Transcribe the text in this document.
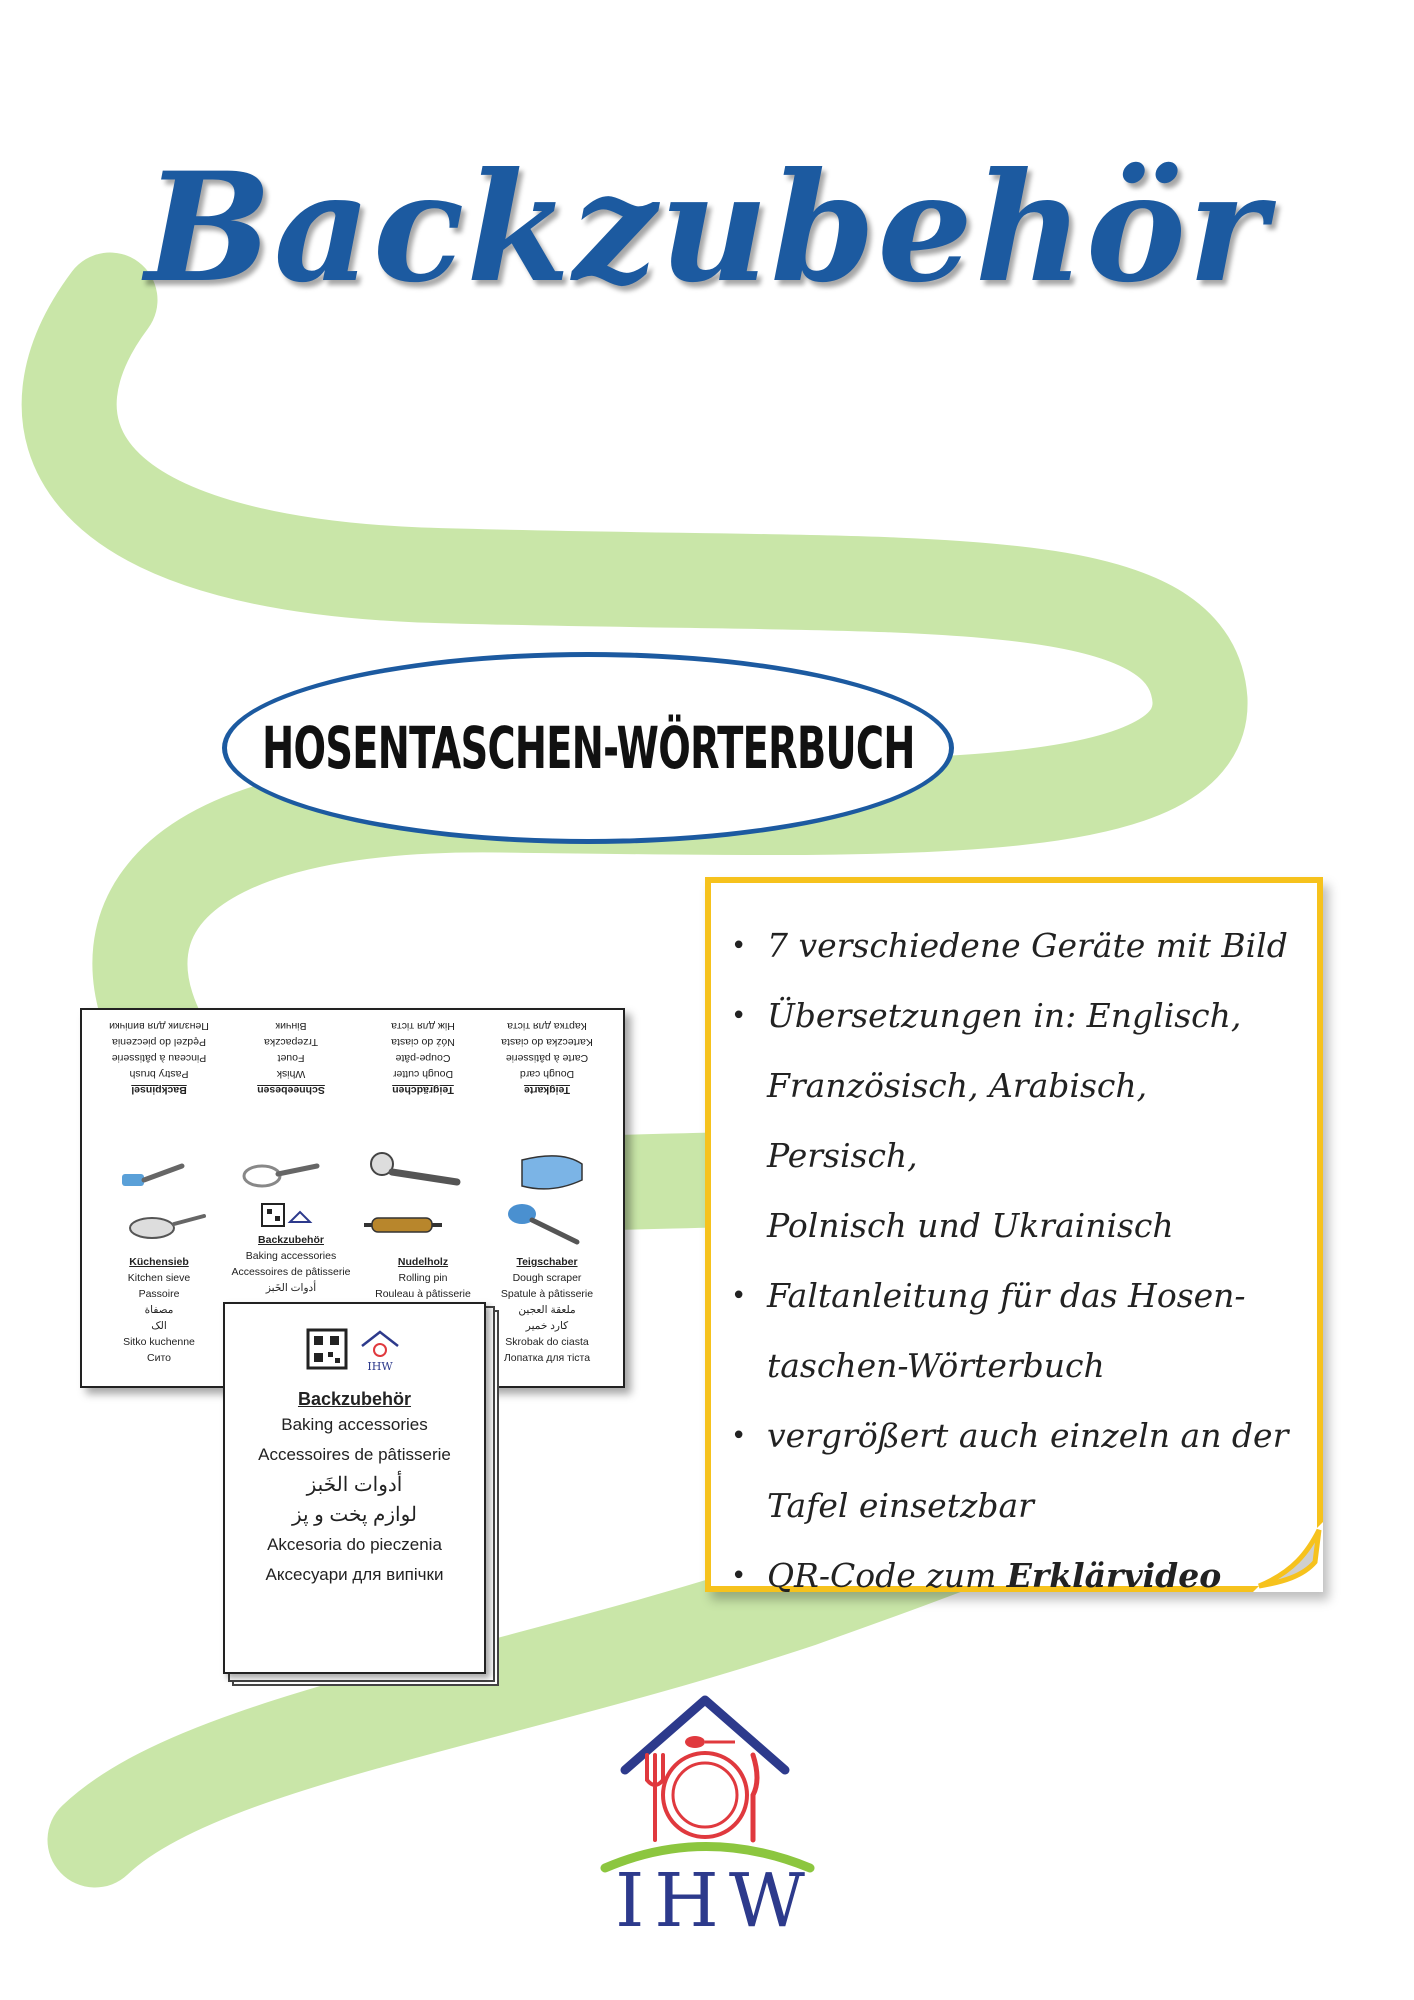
Backzubehör
HOSENTASCHEN-WÖRTERBUCH
• 7 verschiedene Geräte mit Bild
• Übersetzungen in: Englisch,
Französisch, Arabisch, Persisch,
Polnisch und Ukrainisch
• Faltanleitung für das Hosen-
taschen-Wörterbuch
• vergrößert auch einzeln an der
Tafel einsetzbar
• QR-Code zum Erklärvideo
Backpinsel
Pastry brush
Pinceau à pâtisserie
Pędzel do pieczenia
Пензлик для випічки
Schneebesen
Whisk
Fouet
Trzepaczka
Вінчик
Teigrädchen
Dough cutter
Coupe-pâte
Nóż do ciasta
Ніж для тіста
Teigkarte
Dough card
Carte à pâtisserie
Karteczka do ciasta
Картка для тіста
Küchensieb
Kitchen sieve
Passoire
مصفاة
الک
Sitko kuchenne
Сито
Backzubehör
Baking accessories
Accessoires de pâtisserie
أدوات الخَبز
Nudelholz
Rolling pin
Rouleau à pâtisserie
Teigschaber
Dough scraper
Spatule à pâtisserie
ملعقة العجين
کارد خمیر
Skrobak do ciasta
Лопатка для тіста
IHW
Backzubehör
Baking accessories
Accessoires de pâtisserie
أدوات الخَبز
لوازم پخت و پز
Akcesoria do pieczenia
Аксесуари для випічки
IHW
